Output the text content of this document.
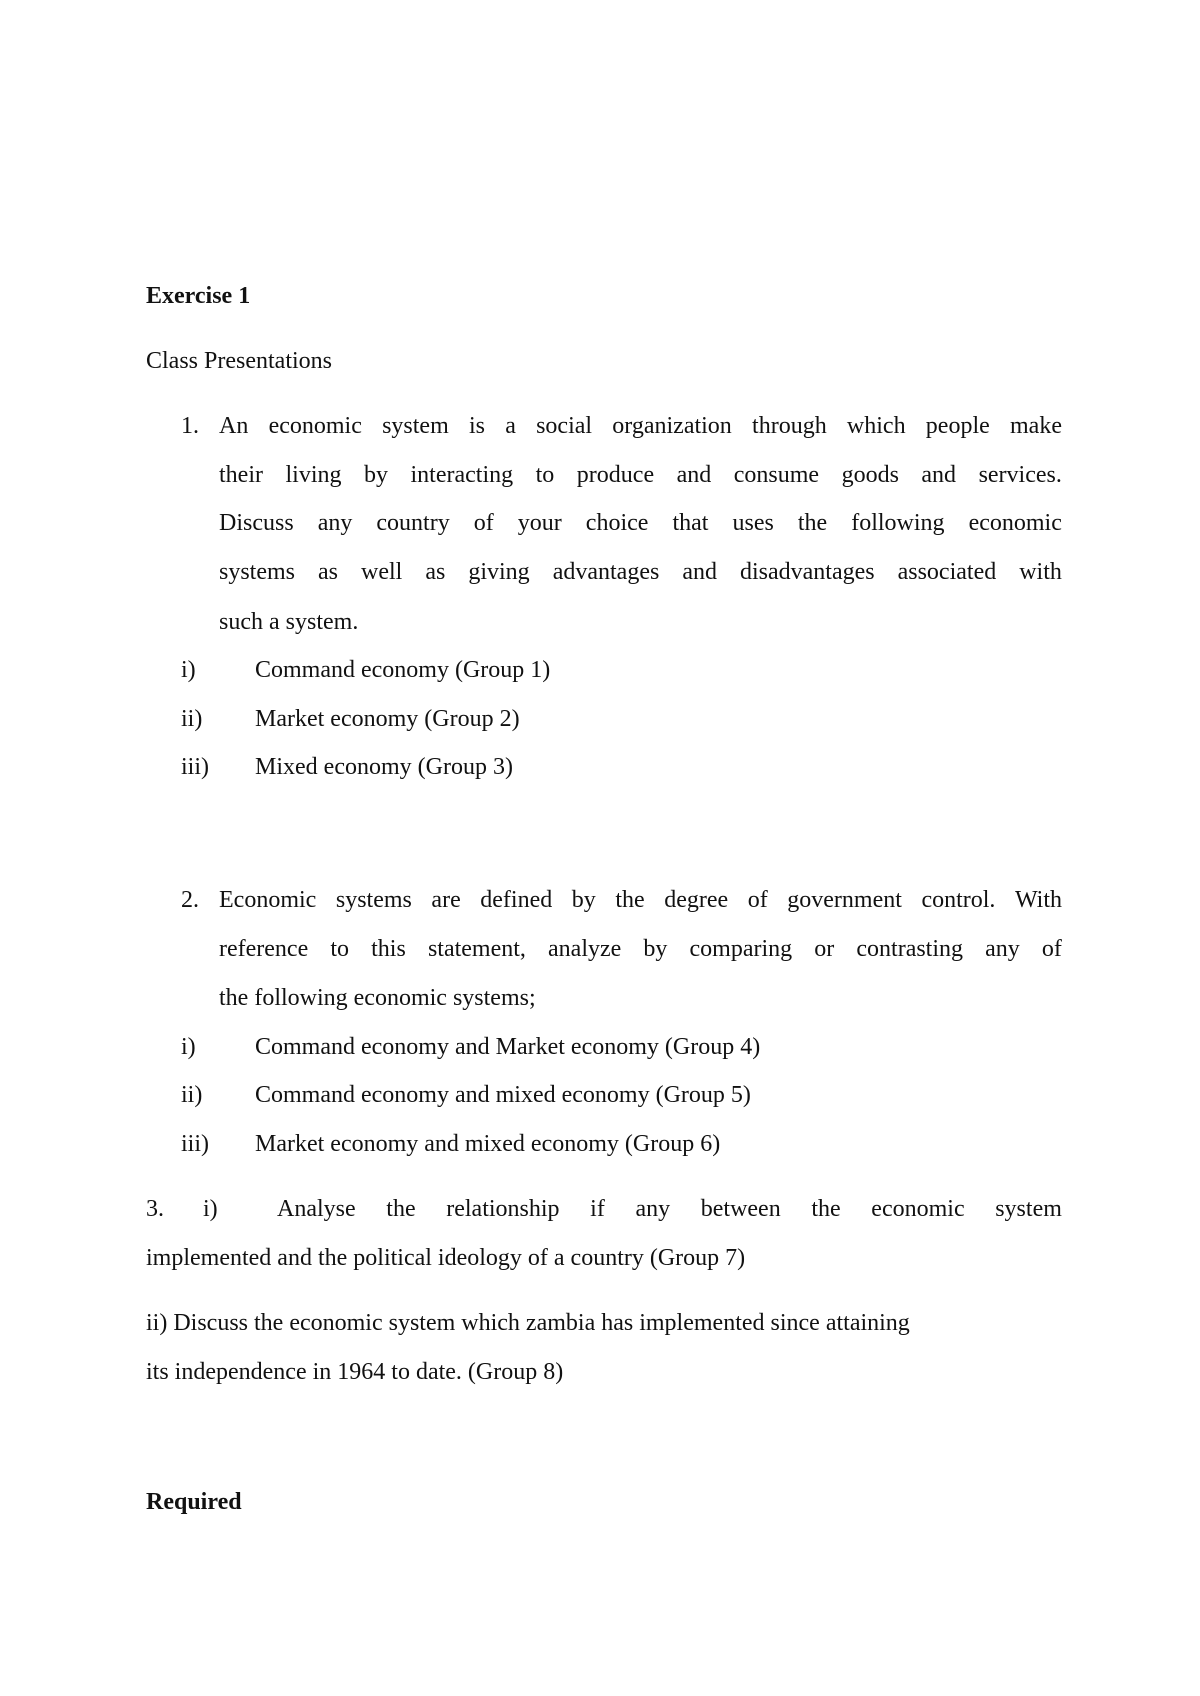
Exercise 1
Class Presentations
1. An economic system is a social organization through which people make
their living by interacting to produce and consume goods and services.
Discuss any country of your choice that uses the following economic
systems as well as giving advantages and disadvantages associated with
such a system.
i) Command economy (Group 1)
ii) Market economy (Group 2)
iii) Mixed economy (Group 3)
2. Economic systems are defined by the degree of government control. With
reference to this statement, analyze by comparing or contrasting any of
the following economic systems;
i) Command economy and Market economy (Group 4)
ii) Command economy and mixed economy (Group 5)
iii) Market economy and mixed economy (Group 6)
3. i) Analyse the relationship if any between the economic system
implemented and the political ideology of a country (Group 7)
ii) Discuss the economic system which zambia has implemented since attaining
its independence in 1964 to date. (Group 8)
Required
